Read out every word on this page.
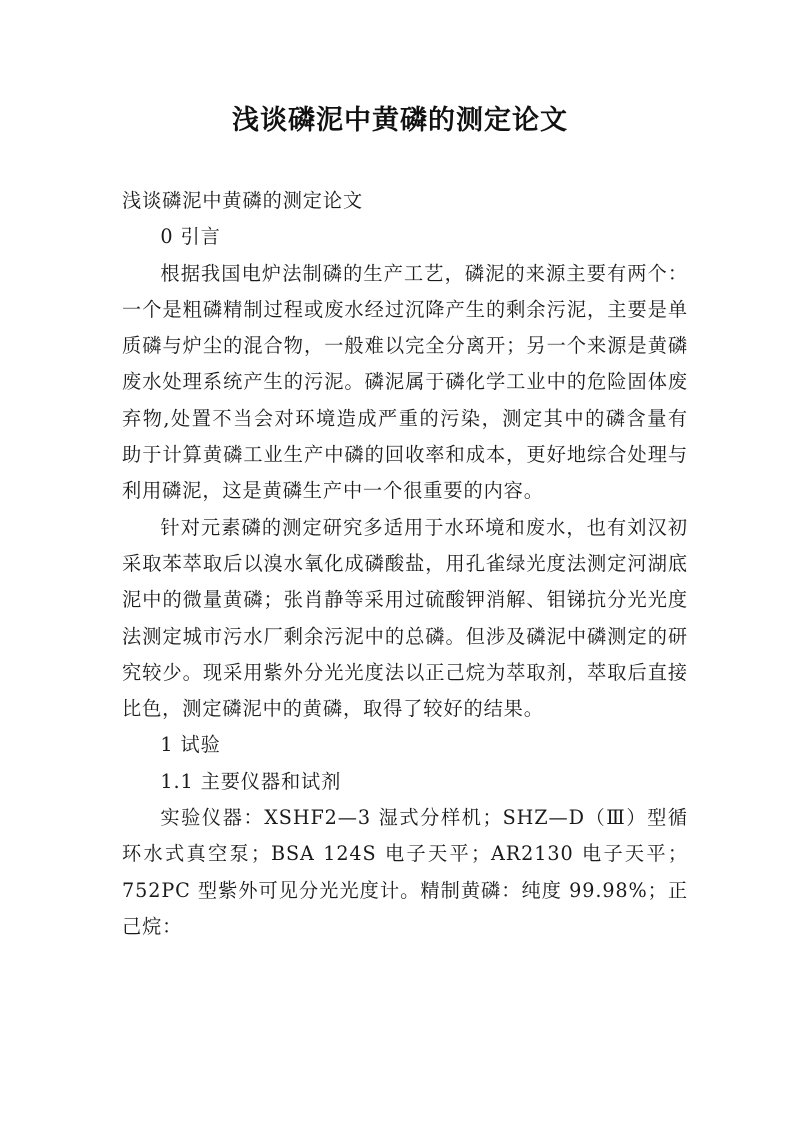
浅谈磷泥中黄磷的测定论文

浅谈磷泥中黄磷的测定论文

0 引言

根据我国电炉法制磷的生产工艺，磷泥的来源主要有两个：一个是粗磷精制过程或废水经过沉降产生的剩余污泥，主要是单质磷与炉尘的混合物，一般难以完全分离开；另一个来源是黄磷废水处理系统产生的污泥。磷泥属于磷化学工业中的危险固体废弃物,处置不当会对环境造成严重的污染，测定其中的磷含量有助于计算黄磷工业生产中磷的回收率和成本，更好地综合处理与利用磷泥，这是黄磷生产中一个很重要的内容。

针对元素磷的测定研究多适用于水环境和废水，也有刘汉初采取苯萃取后以溴水氧化成磷酸盐，用孔雀绿光度法测定河湖底泥中的微量黄磷；张肖静等采用过硫酸钾消解、钼锑抗分光光度法测定城市污水厂剩余污泥中的总磷。但涉及磷泥中磷测定的研究较少。现采用紫外分光光度法以正己烷为萃取剂，萃取后直接比色，测定磷泥中的黄磷，取得了较好的结果。

1 试验

1.1 主要仪器和试剂

实验仪器：XSHF2—3 湿式分样机；SHZ—D（Ⅲ）型循环水式真空泵；BSA 124S 电子天平；AR2130 电子天平；752PC 型紫外可见分光光度计。精制黄磷：纯度 99.98%；正己烷：
